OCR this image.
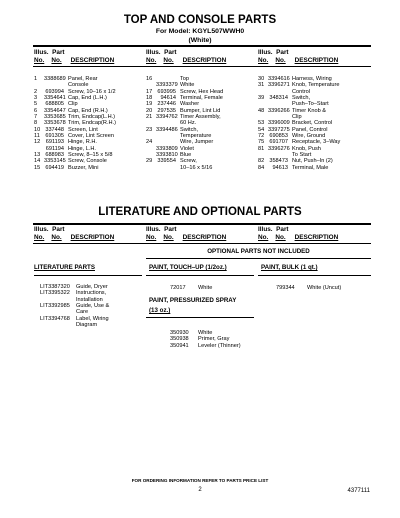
TOP AND CONSOLE PARTS
For Model: KGYL507WWH0
(White)
Illus. Part
No. No. DESCRIPTION
Illus. Part
No. No. DESCRIPTION
Illus. Part
No. No. DESCRIPTION
1	3388689 Panel, Rear
Console
2	693994 Screw, 10–16 x 1/2
3	3354641 Cap, End (L.H.)
5	688805 Clip
6	3354647 Cap, End (R.H.)
7	3353685 Trim, Endcap(L.H.)
8	3353678 Trim, Endcap(R.H.)
10 337448 Screen, Lint
11 691305 Cover, Lint Screen
12 691193 Hinge, R.H.
691194 Hinge, L.H.
13 688983 Screw, 8–15 x 5/8
14 3353145 Screw, Console
15 694419 Buzzer, Mini
16	Top
3393379 White
17 693995 Screw, Hex Head
18	94614 Terminal, Female
19 237446 Washer
20 297535 Bumper, Lint Lid
21 3394762 Timer Assembly,
60 Hz.
23 3394486 Switch,
Temperature
24	Wire, Jumper
3393809 Violet
3393810 Blue
29 339554 Screw,
10–16 x 5/16
30 3394616 Harness, Wiring
31 3396271 Knob, Temperature
Control
39 348314 Switch,
Push–To–Start
48 3396266 Timer Knob &
Clip
53 3396009 Bracket, Control
54 3397275 Panel, Control
72 690853 Wire, Ground
75 691707 Receptacle, 3–Way
81 3396276 Knob, Push
To Start
82 358473 Nut, Push–In (2)
84	94613 Terminal, Male
LITERATURE AND OPTIONAL PARTS
Illus. Part
No. No. DESCRIPTION
Illus. Part
No. No. DESCRIPTION
Illus. Part
No. No. DESCRIPTION
OPTIONAL PARTS NOT INCLUDED
LITERATURE PARTS
LIT3387320	Guide, Dryer
LIT3395322	Instructions,
Installation
LIT3392985	Guide, Use &
Care
LIT3394768	Label, Wiring
Diagram
PAINT, TOUCH–UP (1/2oz.)
72017	White
PAINT, PRESSURIZED SPRAY
(13 oz.)
350930	White
350938	Primer, Gray
350941	Leveler (Thinner)
PAINT, BULK (1 qt.)
799344	White (Uncut)
FOR ORDERING INFORMATION REFER TO PARTS PRICE LIST
2	4377111
